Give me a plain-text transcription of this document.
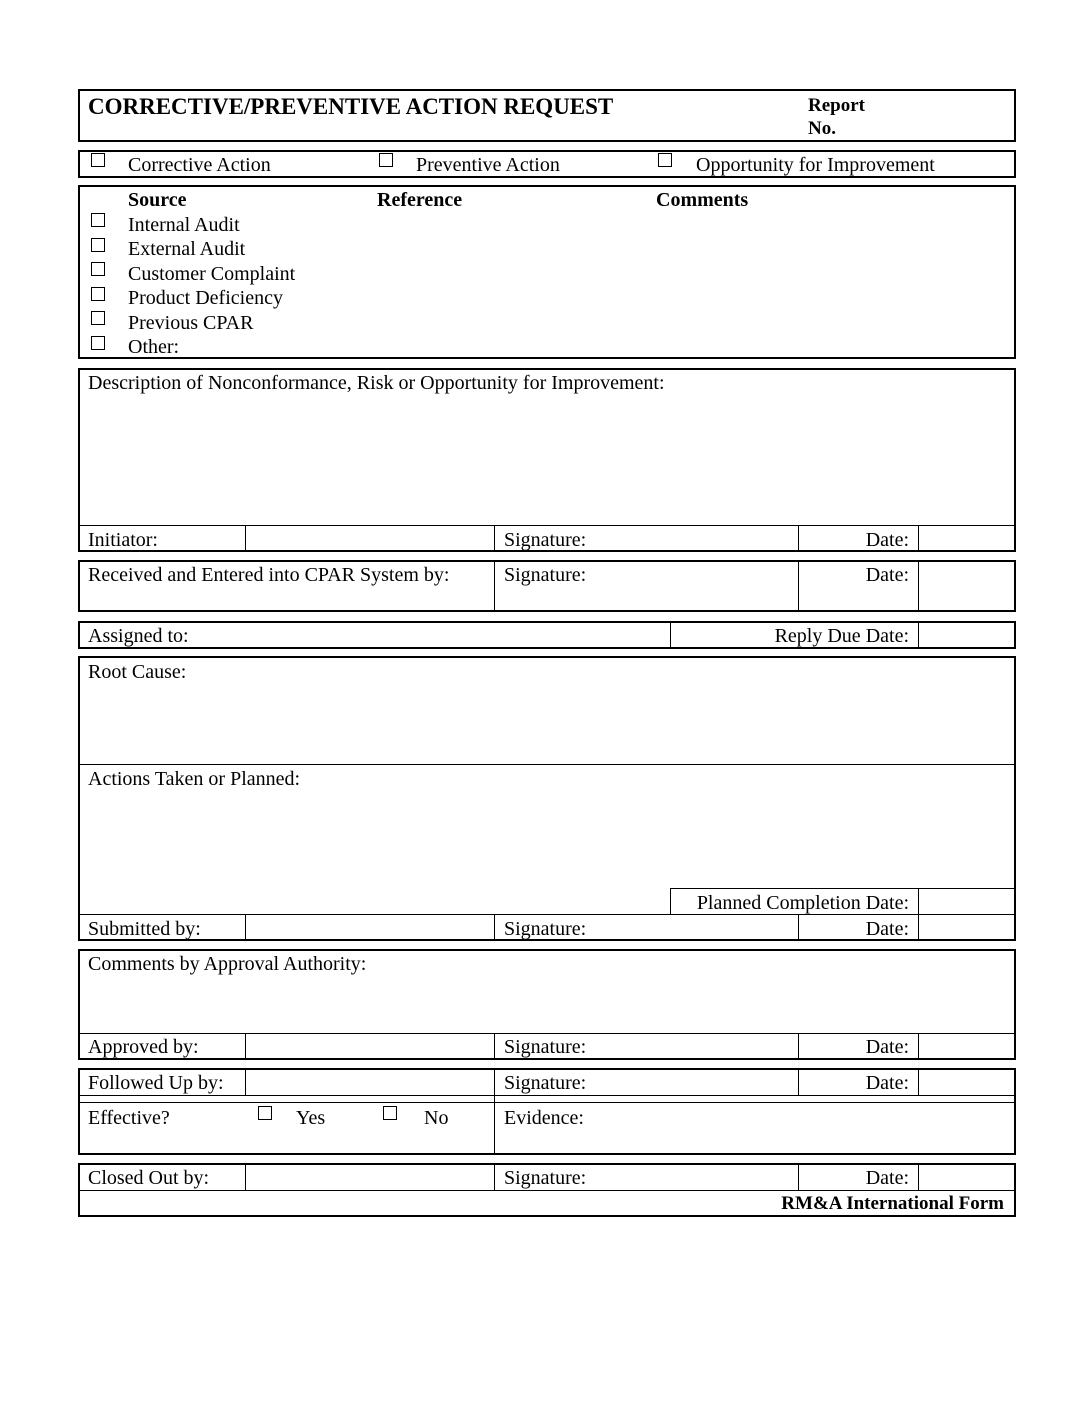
CORRECTIVE/PREVENTIVE ACTION REQUEST	Report
No.
Corrective Action	Preventive Action	Opportunity for Improvement
Source	Reference	Comments
Internal Audit
External Audit
Customer Complaint
Product Deficiency
Previous CPAR
Other:
Description of Nonconformance, Risk or Opportunity for Improvement:
Initiator:	Signature:	Date:
Received and Entered into CPAR System by:	Signature:	Date:
Assigned to:	Reply Due Date:
Root Cause:
Actions Taken or Planned:
Planned Completion Date:
Submitted by:	Signature:	Date:
Comments by Approval Authority:
Approved by:	Signature:	Date:
Followed Up by:	Signature:	Date:
Effective?	Yes	No	Evidence:
Closed Out by:	Signature:	Date:
RM&A International Form
